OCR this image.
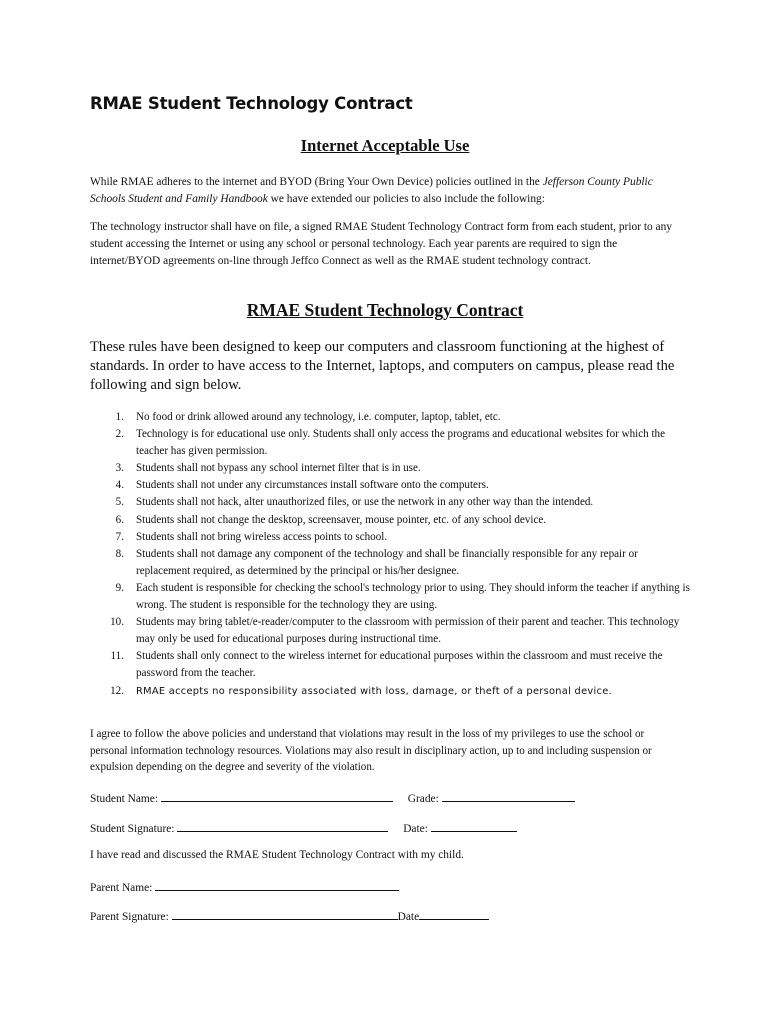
RMAE Student Technology Contract
Internet Acceptable Use

While RMAE adheres to the internet and BYOD (Bring Your Own Device) policies outlined in the Jefferson County Public Schools Student and Family Handbook we have extended our policies to also include the following:

The technology instructor shall have on file, a signed RMAE Student Technology Contract form from each student, prior to any student accessing the Internet or using any school or personal technology. Each year parents are required to sign the internet/BYOD agreements on-line through Jeffco Connect as well as the RMAE student technology contract.

RMAE Student Technology Contract

These rules have been designed to keep our computers and classroom functioning at the highest of standards. In order to have access to the Internet, laptops, and computers on campus, please read the following and sign below.

1. No food or drink allowed around any technology, i.e. computer, laptop, tablet, etc.
2. Technology is for educational use only. Students shall only access the programs and educational websites for which the teacher has given permission.
3. Students shall not bypass any school internet filter that is in use.
4. Students shall not under any circumstances install software onto the computers.
5. Students shall not hack, alter unauthorized files, or use the network in any other way than the intended.
6. Students shall not change the desktop, screensaver, mouse pointer, etc. of any school device.
7. Students shall not bring wireless access points to school.
8. Students shall not damage any component of the technology and shall be financially responsible for any repair or replacement required, as determined by the principal or his/her designee.
9. Each student is responsible for checking the school's technology prior to using. They should inform the teacher if anything is wrong. The student is responsible for the technology they are using.
10. Students may bring tablet/e-reader/computer to the classroom with permission of their parent and teacher. This technology may only be used for educational purposes during instructional time.
11. Students shall only connect to the wireless internet for educational purposes within the classroom and must receive the password from the teacher.
12. RMAE accepts no responsibility associated with loss, damage, or theft of a personal device.

I agree to follow the above policies and understand that violations may result in the loss of my privileges to use the school or personal information technology resources. Violations may also result in disciplinary action, up to and including suspension or expulsion depending on the degree and severity of the violation.

Student Name:	Grade:
Student Signature:	Date:
I have read and discussed the RMAE Student Technology Contract with my child.
Parent Name:
Parent Signature:	Date
